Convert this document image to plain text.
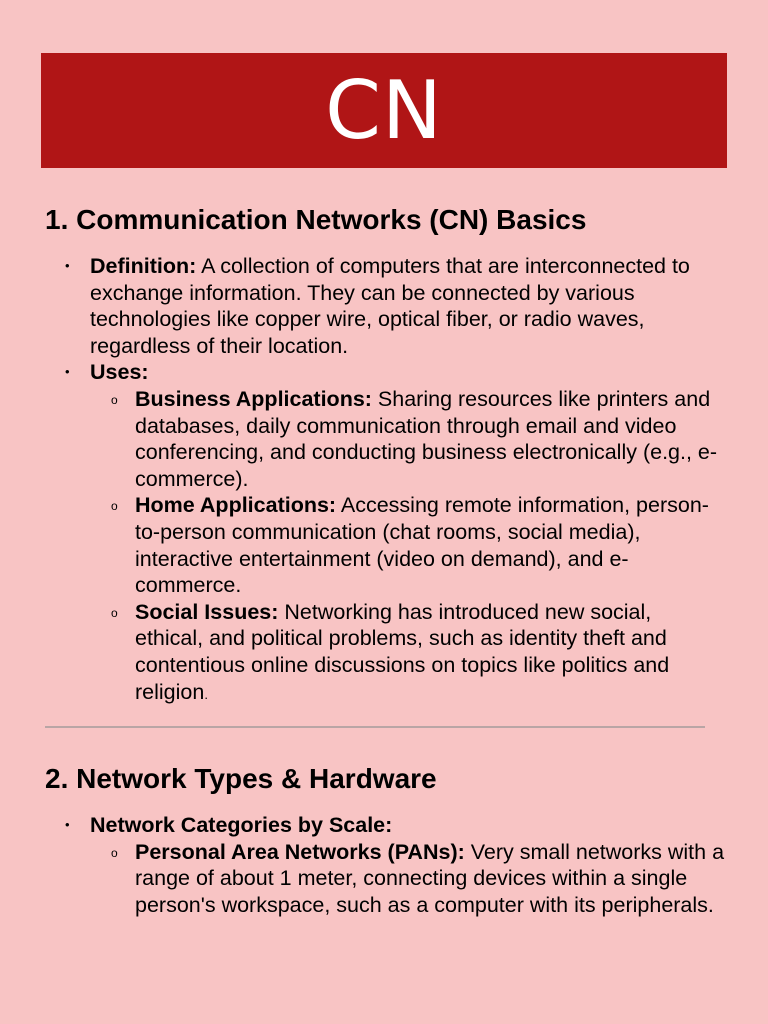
CN
1. Communication Networks (CN) Basics
• Definition: A collection of computers that are interconnected to exchange information. They can be connected by various technologies like copper wire, optical fiber, or radio waves, regardless of their location.
• Uses:
o Business Applications: Sharing resources like printers and databases, daily communication through email and video conferencing, and conducting business electronically (e.g., e-commerce).
o Home Applications: Accessing remote information, person-to-person communication (chat rooms, social media), interactive entertainment (video on demand), and e-commerce.
o Social Issues: Networking has introduced new social, ethical, and political problems, such as identity theft and contentious online discussions on topics like politics and religion.
2. Network Types & Hardware
• Network Categories by Scale:
o Personal Area Networks (PANs): Very small networks with a range of about 1 meter, connecting devices within a single person's workspace, such as a computer with its peripherals.
